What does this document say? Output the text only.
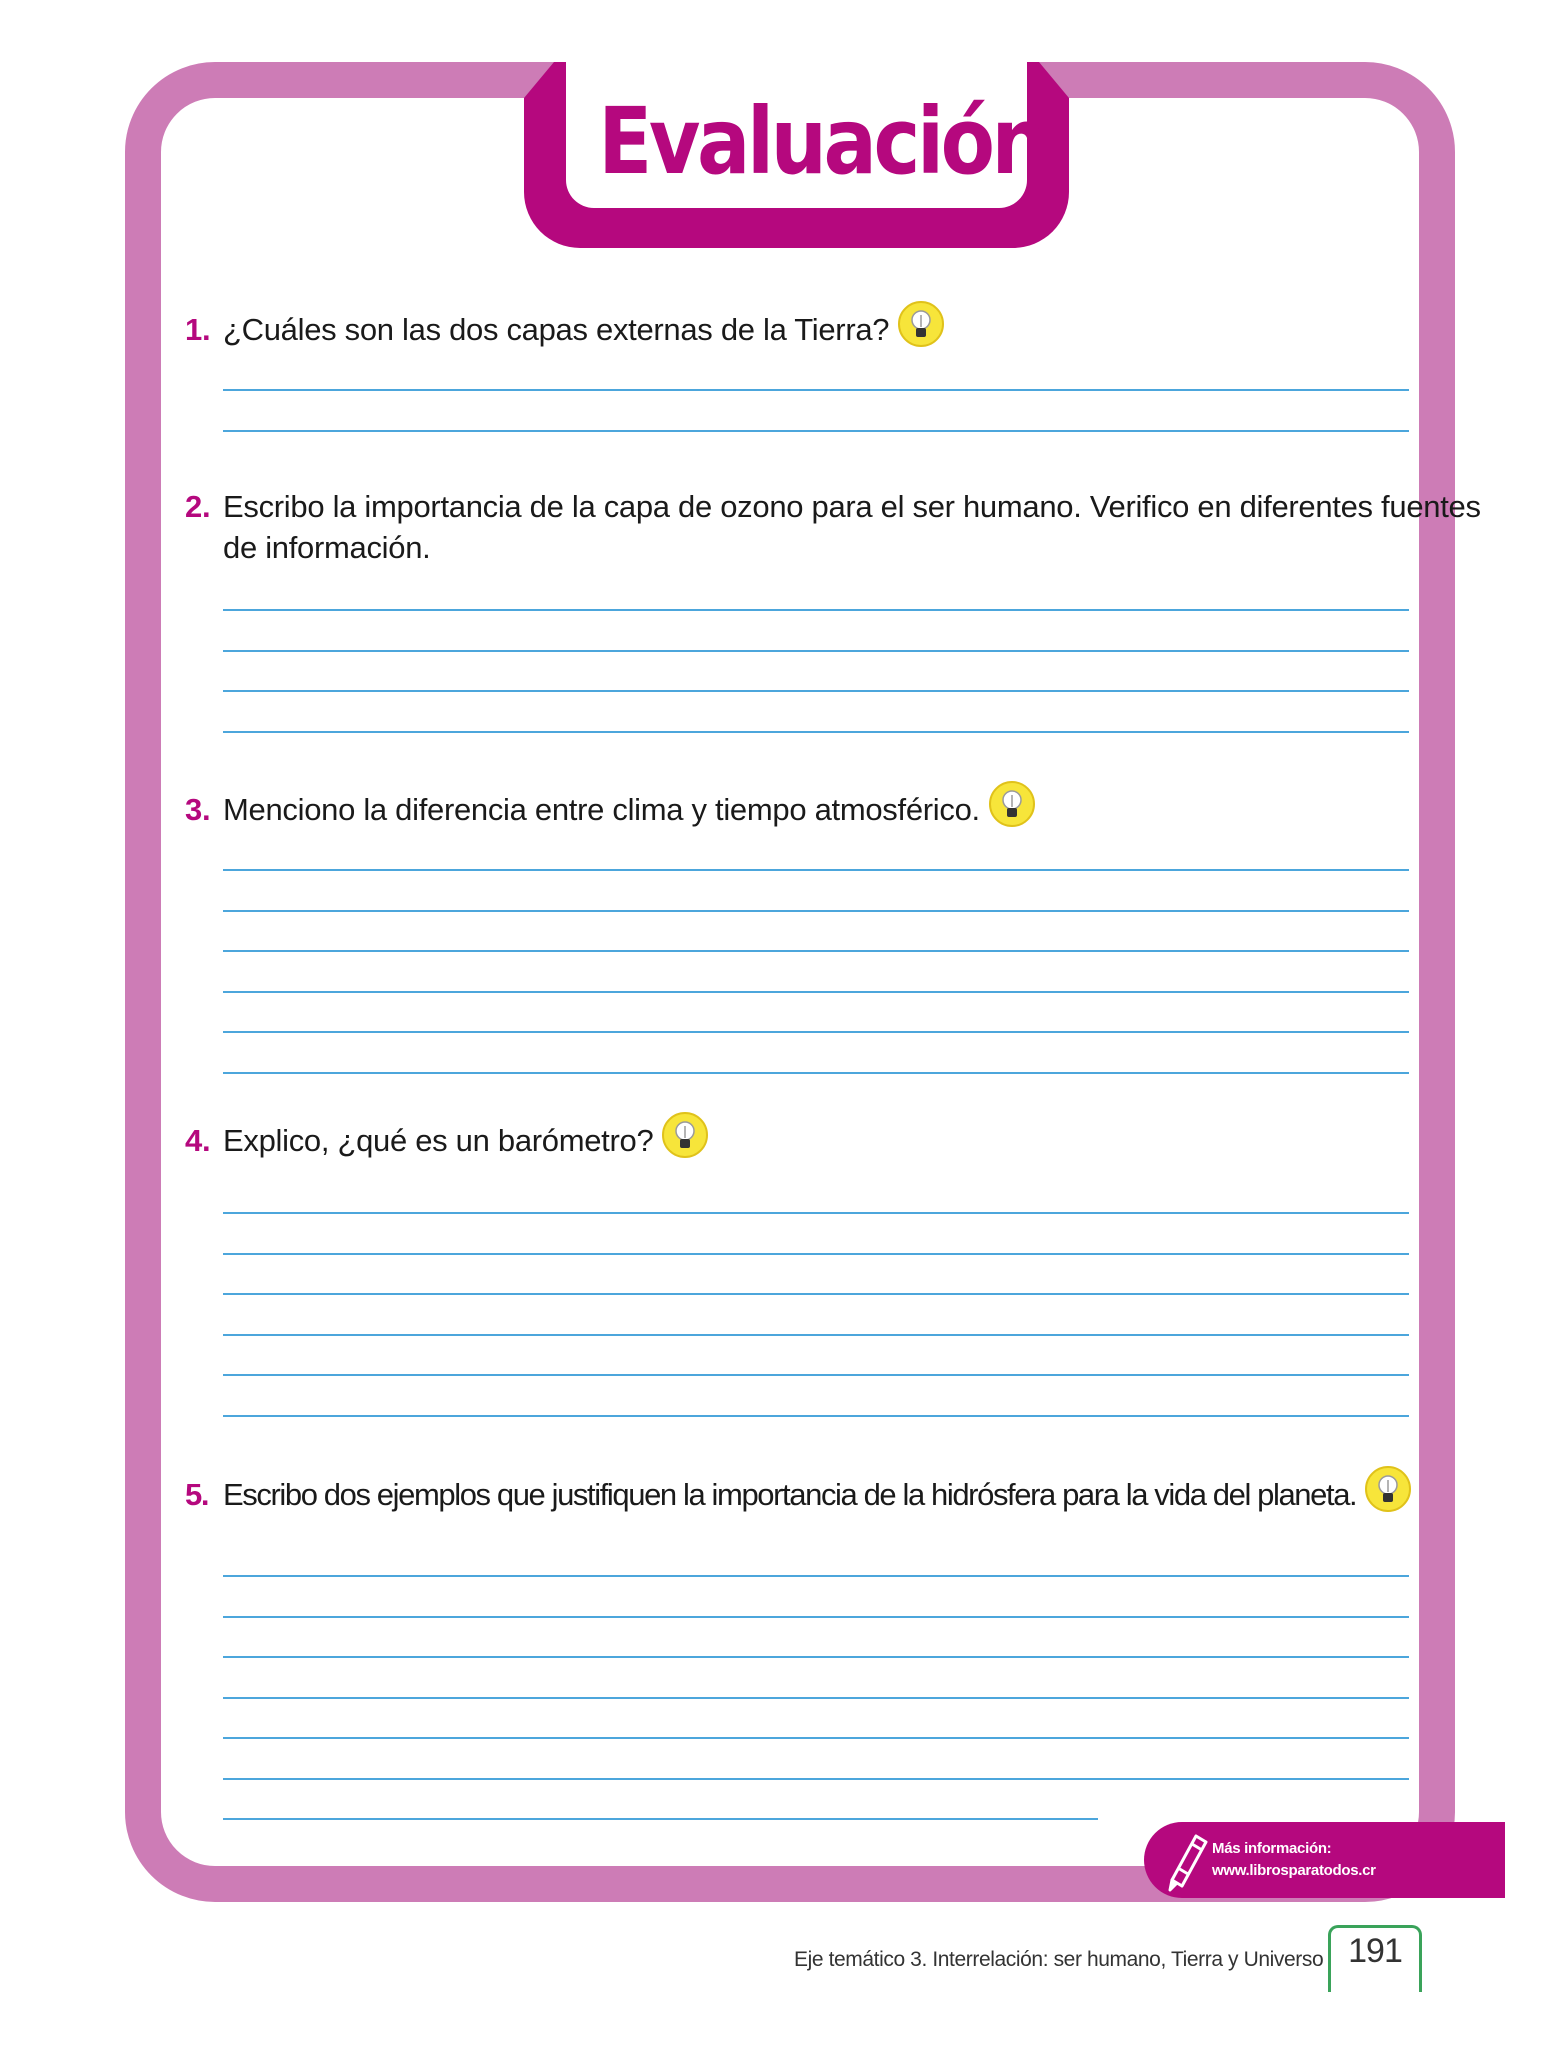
Evaluación
1. ¿Cuáles son las dos capas externas de la Tierra?
2. Escribo la importancia de la capa de ozono para el ser humano. Verifico en diferentes fuentes
de información.
3. Menciono la diferencia entre clima y tiempo atmosférico.
4. Explico, ¿qué es un barómetro?
5. Escribo dos ejemplos que justifiquen la importancia de la hidrósfera para la vida del planeta.
Más información:
www.librosparatodos.cr
Eje temático 3. Interrelación: ser humano, Tierra y Universo 191
